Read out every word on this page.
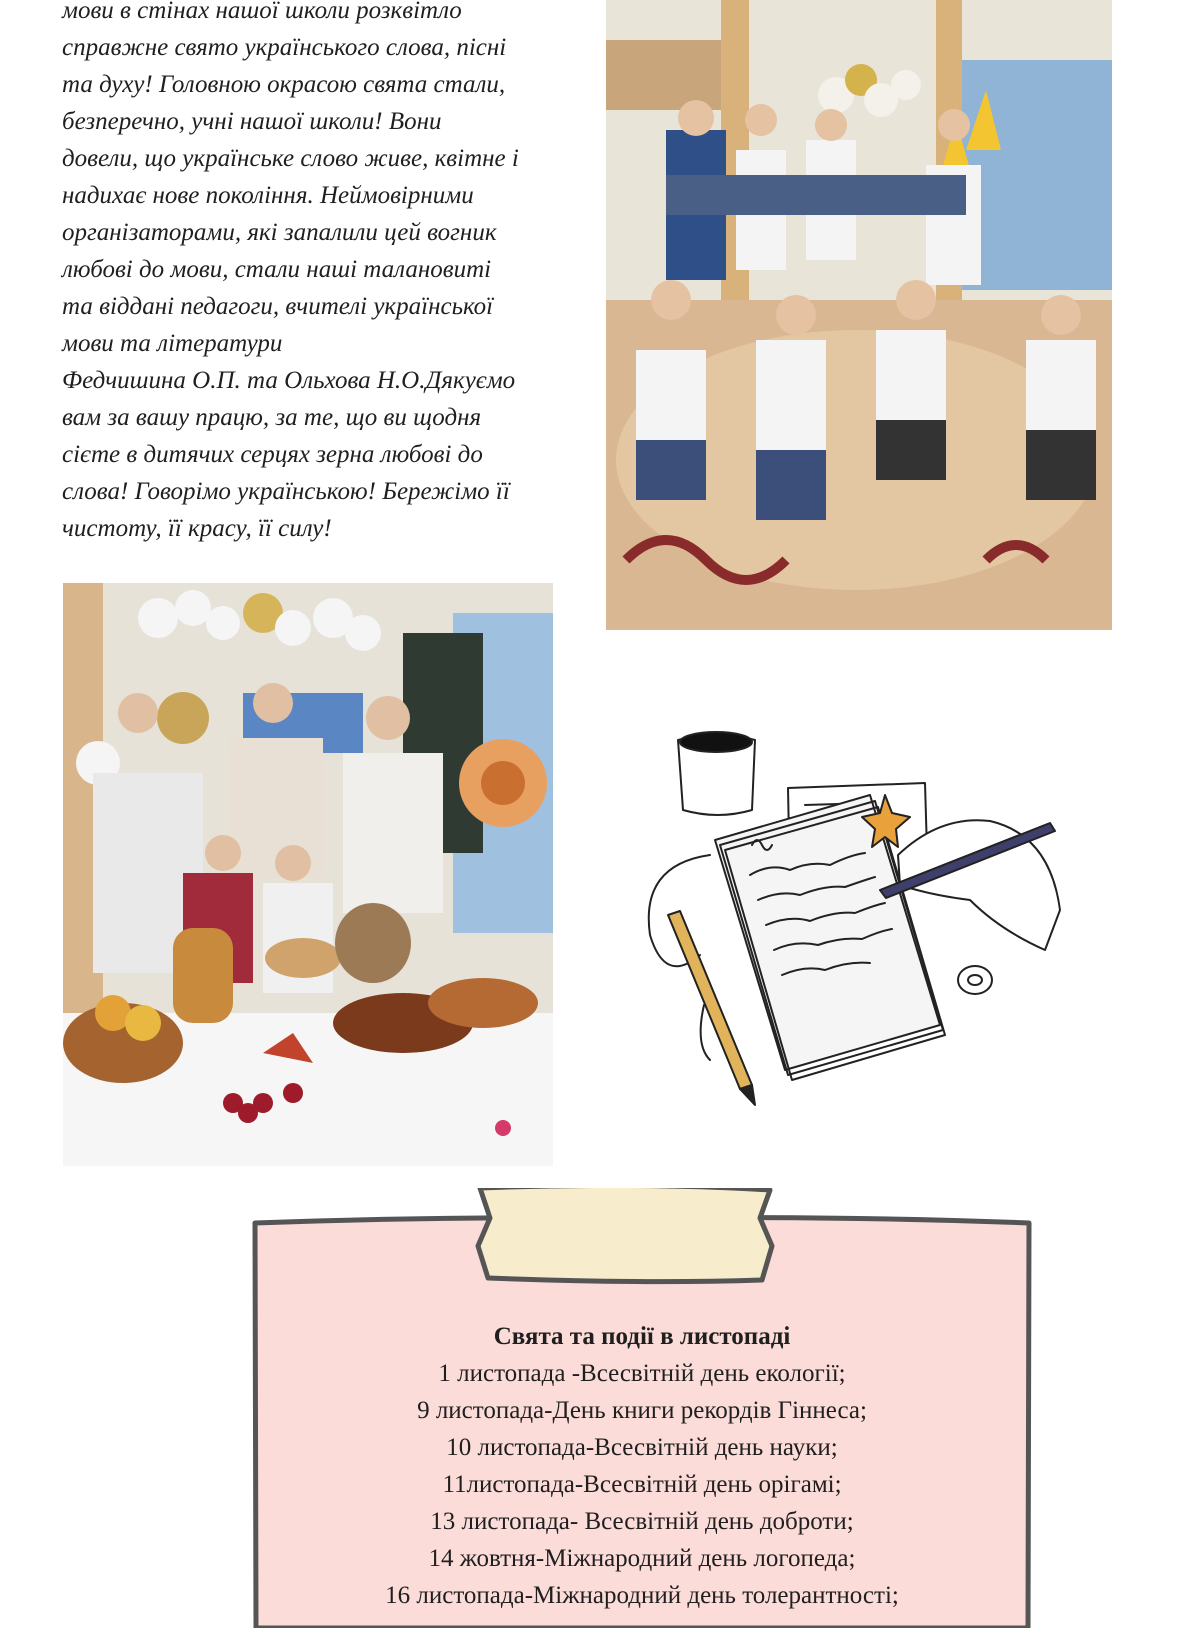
мови в стінах нашої школи розквітло
справжне свято українського слова, пісні
та духу! Головною окрасою свята стали,
безперечно, учні нашої школи! Вони
довели, що українське слово живе, квітне і
надихає нове покоління. Неймовірними
організаторами, які запалили цей вогник
любові до мови, стали наші талановиті
та віддані педагоги, вчителі української
мови та літератури
Федчишина О.П. та Ольхова Н.О.Дякуємо
вам за вашу працю, за те, що ви щодня
сієте в дитячих серцях зерна любові до
слова! Говорімо українською! Бережімо її
чистоту, її красу, її силу!
Свята та події в листопаді
1 листопада -Всесвітній день екології;
9 листопада-День книги рекордів Гіннеса;
10 листопада-Всесвітній день науки;
11листопада-Всесвітній день орігамі;
13 листопада- Всесвітній день доброти;
14 жовтня-Міжнародний день логопеда;
16 листопада-Міжнародний день толерантності;
